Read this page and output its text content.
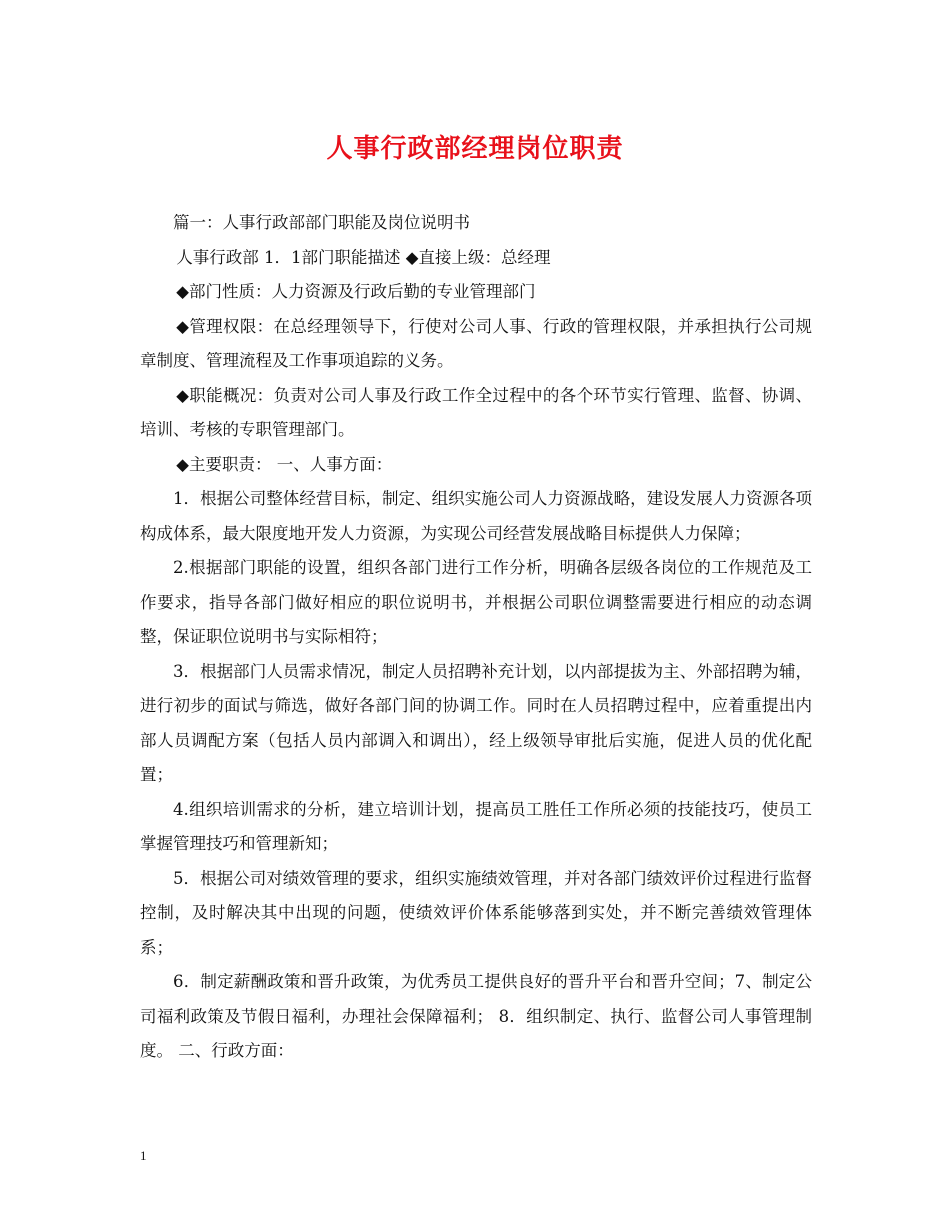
人事行政部经理岗位职责

篇一：人事行政部部门职能及岗位说明书

人事行政部 1．1部门职能描述 ◆直接上级：总经理

◆部门性质：人力资源及行政后勤的专业管理部门

◆管理权限：在总经理领导下，行使对公司人事、行政的管理权限，并承担执行公司规章制度、管理流程及工作事项追踪的义务。

◆职能概况：负责对公司人事及行政工作全过程中的各个环节实行管理、监督、协调、培训、考核的专职管理部门。

◆主要职责： 一、人事方面：

1．根据公司整体经营目标，制定、组织实施公司人力资源战略，建设发展人力资源各项构成体系，最大限度地开发人力资源，为实现公司经营发展战略目标提供人力保障；

2.根据部门职能的设置，组织各部门进行工作分析，明确各层级各岗位的工作规范及工作要求，指导各部门做好相应的职位说明书，并根据公司职位调整需要进行相应的动态调整，保证职位说明书与实际相符；

3．根据部门人员需求情况，制定人员招聘补充计划，以内部提拔为主、外部招聘为辅，进行初步的面试与筛选，做好各部门间的协调工作。同时在人员招聘过程中，应着重提出内部人员调配方案（包括人员内部调入和调出），经上级领导审批后实施，促进人员的优化配置；

4.组织培训需求的分析，建立培训计划，提高员工胜任工作所必须的技能技巧，使员工掌握管理技巧和管理新知；

5．根据公司对绩效管理的要求，组织实施绩效管理，并对各部门绩效评价过程进行监督控制，及时解决其中出现的问题，使绩效评价体系能够落到实处，并不断完善绩效管理体系；

6．制定薪酬政策和晋升政策，为优秀员工提供良好的晋升平台和晋升空间；7、制定公司福利政策及节假日福利，办理社会保障福利； 8．组织制定、执行、监督公司人事管理制度。 二、行政方面：

1
